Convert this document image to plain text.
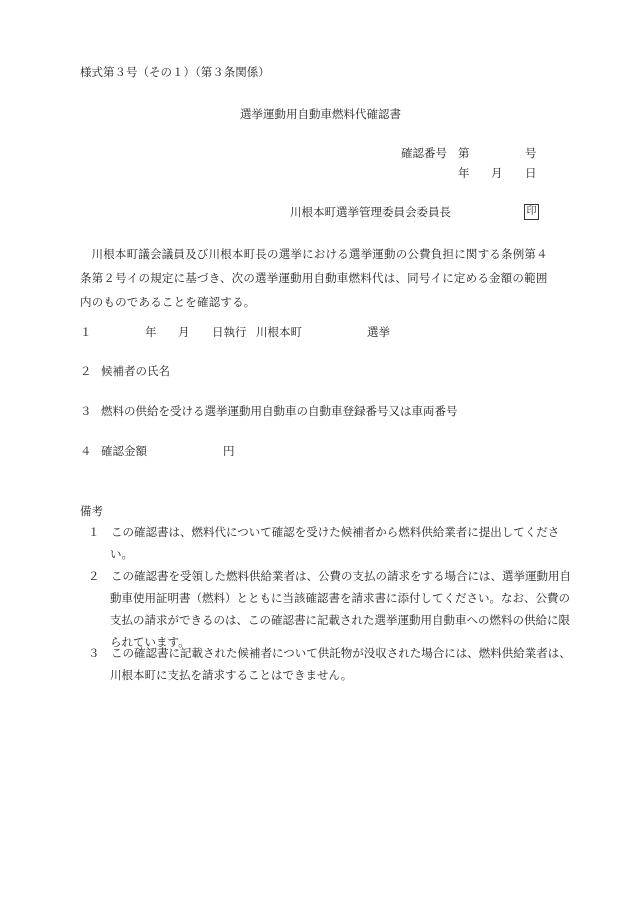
様式第３号（その１）（第３条関係）
選挙運動用自動車燃料代確認書
確認番号 第	号
年 月 日
川根本町選挙管理委員会委員長	印
川根本町議会議員及び川根本町長の選挙における選挙運動の公費負担に関する条例第４条第２号イの規定に基づき、次の選挙運動用自動車燃料代は、同号イに定める金額の範囲内のものであることを確認する。
１	年 月 日執行 川根本町	選挙
２ 候補者の氏名
３ 燃料の供給を受ける選挙運動用自動車の自動車登録番号又は車両番号
４ 確認金額	円
備考
１　この確認書は、燃料代について確認を受けた候補者から燃料供給業者に提出してください。
２　この確認書を受領した燃料供給業者は、公費の支払の請求をする場合には、選挙運動用自動車使用証明書（燃料）とともに当該確認書を請求書に添付してください。なお、公費の支払の請求ができるのは、この確認書に記載された選挙運動用自動車への燃料の供給に限られています。
３　この確認書に記載された候補者について供託物が没収された場合には、燃料供給業者は、川根本町に支払を請求することはできません。
